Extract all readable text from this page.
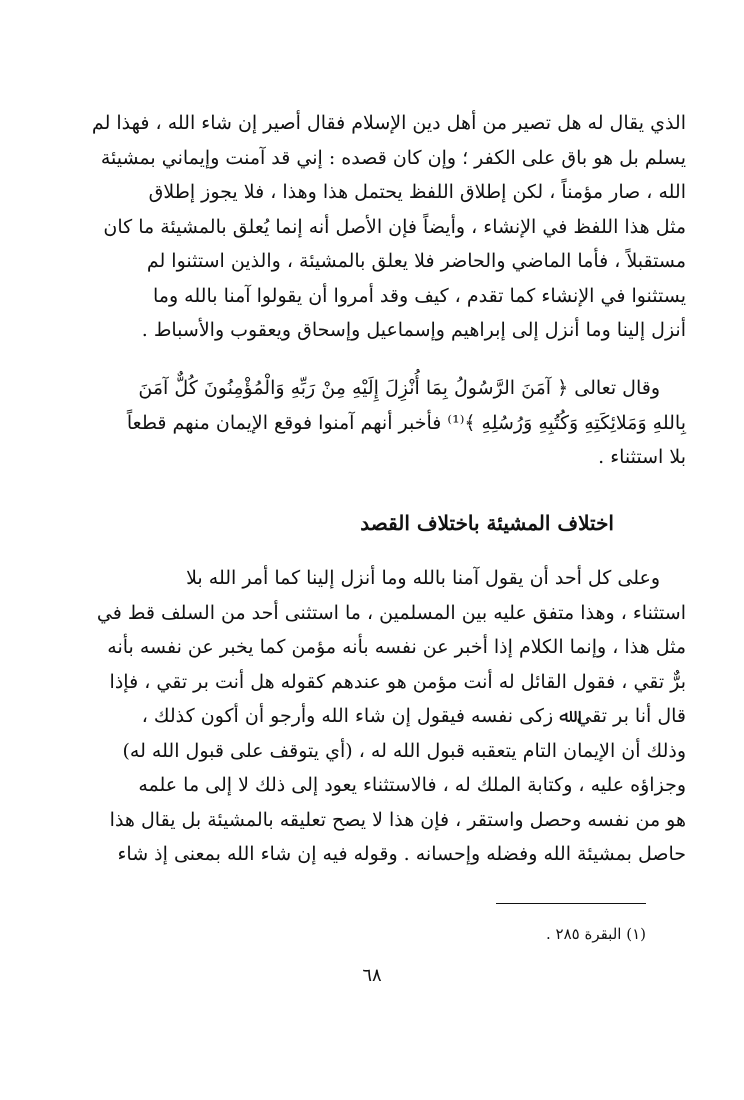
الذي يقال له هل تصير من أهل دين الإسلام فقال أصير إن شاء الله ، فهذا لم
يسلم بل هو باق على الكفر ؛ وإن كان قصده : إني قد آمنت وإيماني بمشيئة
الله ، صار مؤمناً ، لكن إطلاق اللفظ يحتمل هذا وهذا ، فلا يجوز إطلاق
مثل هذا اللفظ في الإنشاء ، وأيضاً فإن الأصل أنه إنما يُعلق بالمشيئة ما كان
مستقبلاً ، فأما الماضي والحاضر فلا يعلق بالمشيئة ، والذين استثنوا لم
يستثنوا في الإنشاء كما تقدم ، كيف وقد أمروا أن يقولوا آمنا بالله وما
أنزل إلينا وما أنزل إلى إبراهيم وإسماعيل وإسحاق ويعقوب والأسباط .
وقال تعالى ﴿ آمَنَ الرَّسُولُ بِمَا أُنْزِلَ إِلَيْهِ مِنْ رَبِّهِ وَالْمُؤْمِنُونَ كُلٌّ آمَنَ
بِاللهِ وَمَلائِكَتِهِ وَكُتُبِهِ وَرُسُلِهِ ﴾⁽¹⁾ فأخبر أنهم آمنوا فوقع الإيمان منهم قطعاً
بلا استثناء .
اختلاف المشيئة باختلاف القصد
وعلى كل أحد أن يقول آمنا بالله وما أنزل إلينا كما أمر الله بلا
استثناء ، وهذا متفق عليه بين المسلمين ، ما استثنى أحد من السلف قط في
مثل هذا ، وإنما الكلام إذا أخبر عن نفسه بأنه مؤمن كما يخبر عن نفسه بأنه
برٌّ تقي ، فقول القائل له أنت مؤمن هو عندهم كقوله هل أنت بر تقي ، فإذا
قال أنا بر تقي ﷲ زكى نفسه فيقول إن شاء الله وأرجو أن أكون كذلك ،
وذلك أن الإيمان التام يتعقبه قبول الله له ، (أي يتوقف على قبول الله له)
وجزاؤه عليه ، وكتابة الملك له ، فالاستثناء يعود إلى ذلك لا إلى ما علمه
هو من نفسه وحصل واستقر ، فإن هذا لا يصح تعليقه بالمشيئة بل يقال هذا
حاصل بمشيئة الله وفضله وإحسانه . وقوله فيه إن شاء الله بمعنى إذ شاء
(١) البقرة ٢٨٥ .
٦٨
